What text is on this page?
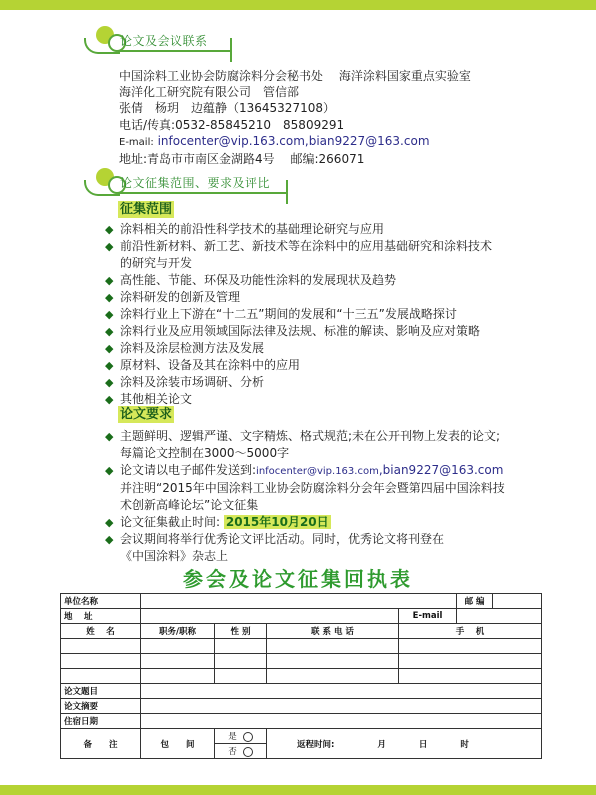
论文及会议联系
中国涂料工业协会防腐涂料分会秘书处　 海洋涂料国家重点实验室
海洋化工研究院有限公司　管信部
张倩　杨玥　边蕴静（13645327108）
电话/传真:0532-85845210　85809291
E-mail: infocenter@vip.163.com,bian9227@163.com
地址:青岛市市南区金湖路4号　 邮编:266071
论文征集范围、要求及评比
征集范围
◆ 涂料相关的前沿性科学技术的基础理论研究与应用
◆ 前沿性新材料、新工艺、新技术等在涂料中的应用基础研究和涂料技术
的研究与开发
◆ 高性能、节能、环保及功能性涂料的发展现状及趋势
◆ 涂料研发的创新及管理
◆ 涂料行业上下游在“十二五”期间的发展和“十三五”发展战略探讨
◆ 涂料行业及应用领域国际法律及法规、标准的解读、影响及应对策略
◆ 涂料及涂层检测方法及发展
◆ 原材料、设备及其在涂料中的应用
◆ 涂料及涂装市场调研、分析
◆ 其他相关论文
论文要求
◆ 主题鲜明、逻辑严谨、文字精炼、格式规范;未在公开刊物上发表的论文;
每篇论文控制在3000～5000字
◆ 论文请以电子邮件发送到:infocenter@vip.163.com,bian9227@163.com
并注明“2015年中国涂料工业协会防腐涂料分会年会暨第四届中国涂料技
术创新高峰论坛”论文征集
◆ 论文征集截止时间: 2015年10月20日
◆ 会议期间将举行优秀论文评比活动。同时，优秀论文将刊登在
《中国涂料》杂志上
参会及论文征集回执表
单位名称					邮 编	
地　 址				E-mail		
姓　 名	职务/职称	性 别	联 系 电 话	手　 机		

论文题目						
论文摘要						
住宿日期						
备　　注	包　　间	是	返程时间: 月 日 时			
		否				
